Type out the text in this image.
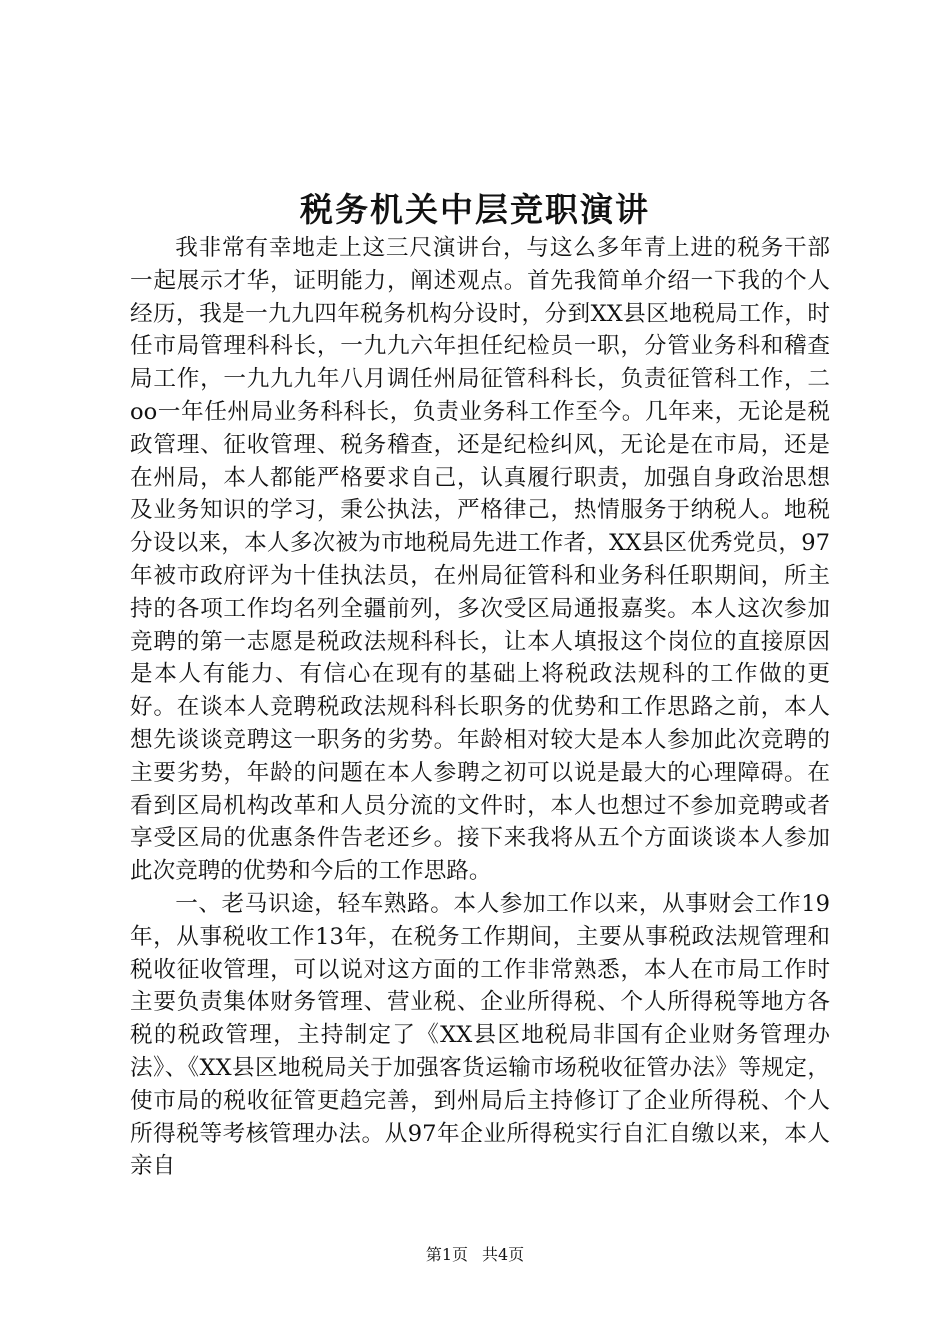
税务机关中层竞职演讲

我非常有幸地走上这三尺演讲台，与这么多年青上进的税务干部一起展示才华，证明能力，阐述观点。首先我简单介绍一下我的个人经历，我是一九九四年税务机构分设时，分到XX县区地税局工作，时任市局管理科科长，一九九六年担任纪检员一职，分管业务科和稽查局工作，一九九九年八月调任州局征管科科长，负责征管科工作，二oo一年任州局业务科科长，负责业务科工作至今。几年来，无论是税政管理、征收管理、税务稽查，还是纪检纠风，无论是在市局，还是在州局，本人都能严格要求自己，认真履行职责，加强自身政治思想及业务知识的学习，秉公执法，严格律己，热情服务于纳税人。地税分设以来，本人多次被为市地税局先进工作者，XX县区优秀党员，97年被市政府评为十佳执法员，在州局征管科和业务科任职期间，所主持的各项工作均名列全疆前列，多次受区局通报嘉奖。本人这次参加竞聘的第一志愿是税政法规科科长，让本人填报这个岗位的直接原因是本人有能力、有信心在现有的基础上将税政法规科的工作做的更好。在谈本人竞聘税政法规科科长职务的优势和工作思路之前，本人想先谈谈竞聘这一职务的劣势。年龄相对较大是本人参加此次竞聘的主要劣势，年龄的问题在本人参聘之初可以说是最大的心理障碍。在看到区局机构改革和人员分流的文件时，本人也想过不参加竞聘或者享受区局的优惠条件告老还乡。接下来我将从五个方面谈谈本人参加此次竞聘的优势和今后的工作思路。

一、老马识途，轻车熟路。本人参加工作以来，从事财会工作19年，从事税收工作13年，在税务工作期间，主要从事税政法规管理和税收征收管理，可以说对这方面的工作非常熟悉，本人在市局工作时主要负责集体财务管理、营业税、企业所得税、个人所得税等地方各税的税政管理，主持制定了《XX县区地税局非国有企业财务管理办法》、《XX县区地税局关于加强客货运输市场税收征管办法》等规定，使市局的税收征管更趋完善，到州局后主持修订了企业所得税、个人所得税等考核管理办法。从97年企业所得税实行自汇自缴以来，本人亲自

第1页 共4页
